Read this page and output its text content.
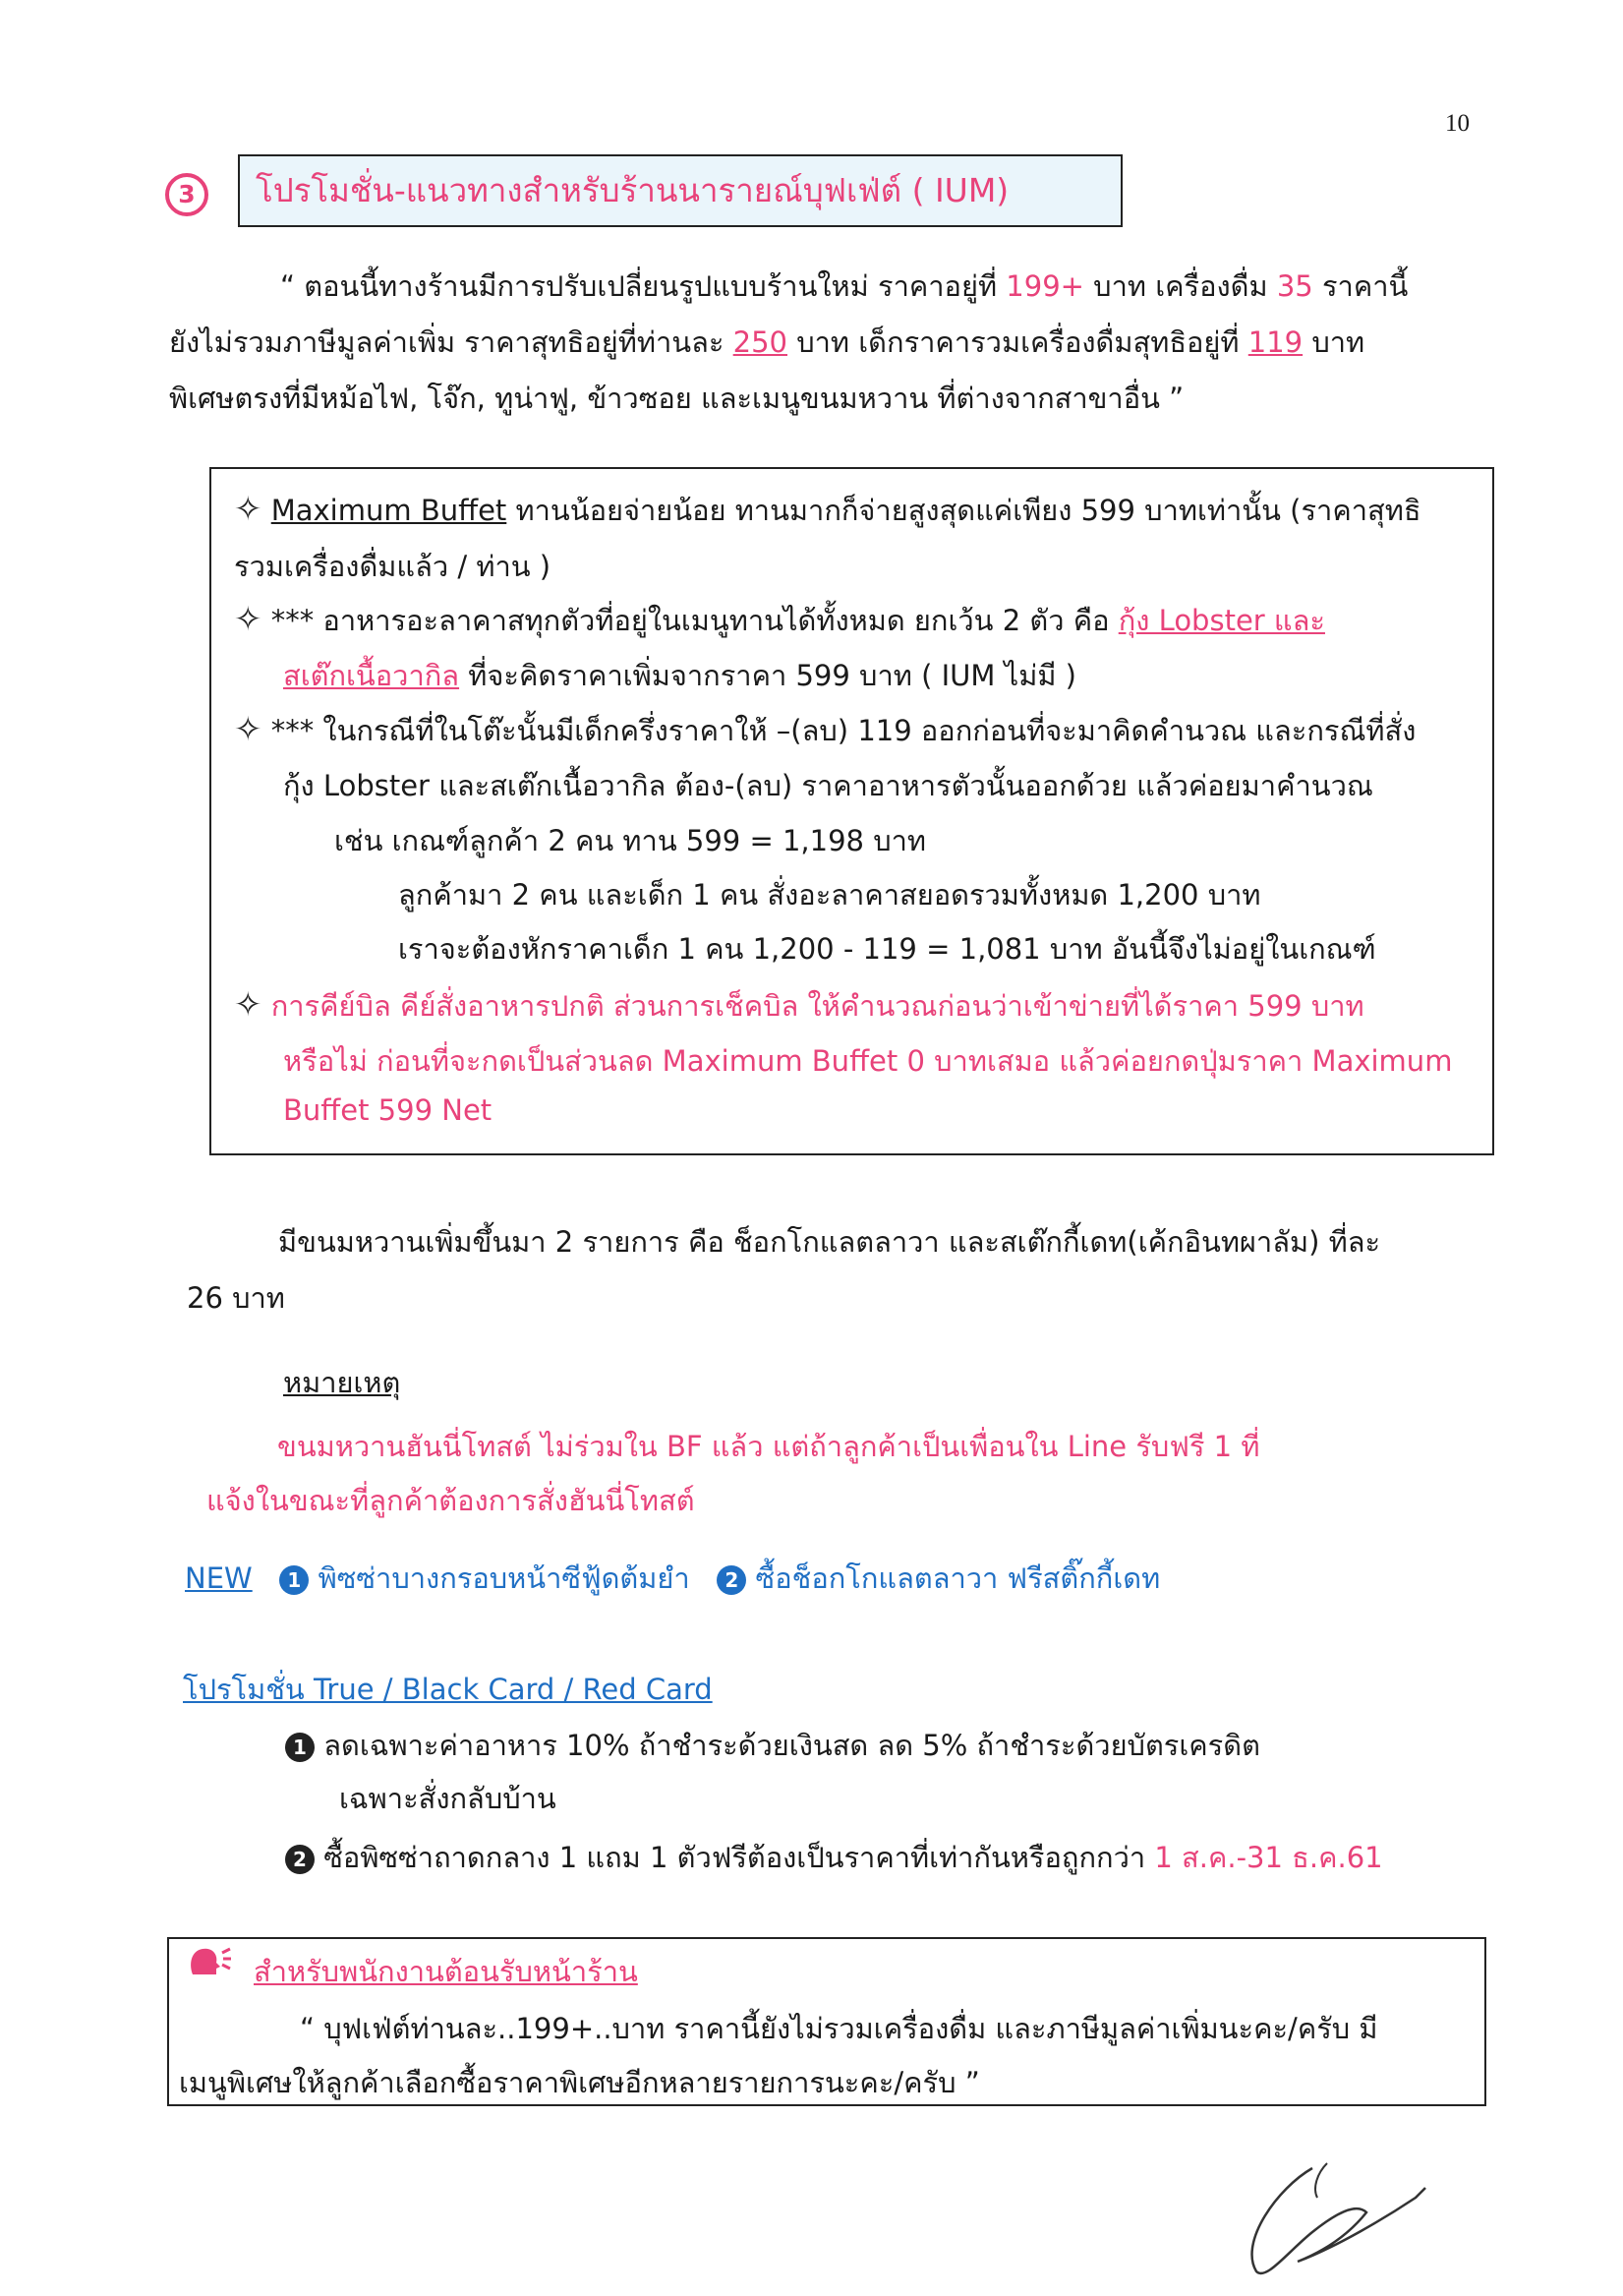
10
3	โปรโมชั่น-แนวทางสำหรับร้านนารายณ์บุฟเฟ่ต์ ( IUM)
“ ตอนนี้ทางร้านมีการปรับเปลี่ยนรูปแบบร้านใหม่ ราคาอยู่ที่ 199+ บาท เครื่องดื่ม 35 ราคานี้
ยังไม่รวมภาษีมูลค่าเพิ่ม ราคาสุทธิอยู่ที่ท่านละ 250 บาท เด็กราคารวมเครื่องดื่มสุทธิอยู่ที่ 119 บาท
พิเศษตรงที่มีหม้อไฟ, โจ๊ก, ทูน่าฟู, ข้าวซอย และเมนูขนมหวาน ที่ต่างจากสาขาอื่น ”
✧ Maximum Buffet ทานน้อยจ่ายน้อย ทานมากก็จ่ายสูงสุดแค่เพียง 599 บาทเท่านั้น (ราคาสุทธิ
รวมเครื่องดื่มแล้ว / ท่าน )
✧ *** อาหารอะลาคาสทุกตัวที่อยู่ในเมนูทานได้ทั้งหมด ยกเว้น 2 ตัว คือ กุ้ง Lobster และ
สเต๊กเนื้อวากิล ที่จะคิดราคาเพิ่มจากราคา 599 บาท ( IUM ไม่มี )
✧ *** ในกรณีที่ในโต๊ะนั้นมีเด็กครึ่งราคาให้ –(ลบ) 119 ออกก่อนที่จะมาคิดคำนวณ และกรณีที่สั่ง
กุ้ง Lobster และสเต๊กเนื้อวากิล ต้อง-(ลบ) ราคาอาหารตัวนั้นออกด้วย แล้วค่อยมาคำนวณ
เช่น เกณฑ์ลูกค้า 2 คน ทาน 599 = 1,198 บาท
ลูกค้ามา 2 คน และเด็ก 1 คน สั่งอะลาคาสยอดรวมทั้งหมด 1,200 บาท
เราจะต้องหักราคาเด็ก 1 คน 1,200 - 119 = 1,081 บาท อันนี้จึงไม่อยู่ในเกณฑ์
✧ การคีย์บิล คีย์สั่งอาหารปกติ ส่วนการเช็คบิล ให้คำนวณก่อนว่าเข้าข่ายที่ได้ราคา 599 บาท
หรือไม่ ก่อนที่จะกดเป็นส่วนลด Maximum Buffet 0 บาทเสมอ แล้วค่อยกดปุ่มราคา Maximum
Buffet 599 Net
มีขนมหวานเพิ่มขึ้นมา 2 รายการ คือ ช็อกโกแลตลาวา และสเต๊กกี้เดท(เค้กอินทผาลัม) ที่ละ
26 บาท
หมายเหตุ
ขนมหวานฮันนี่โทสต์ ไม่ร่วมใน BF แล้ว แต่ถ้าลูกค้าเป็นเพื่อนใน Line รับฟรี 1 ที่
แจ้งในขณะที่ลูกค้าต้องการสั่งฮันนี่โทสต์
NEW 1 พิซซ่าบางกรอบหน้าซีฟู้ดต้มยำ 2 ซื้อช็อกโกแลตลาวา ฟรีสติ๊กกี้เดท
โปรโมชั่น True / Black Card / Red Card
1 ลดเฉพาะค่าอาหาร 10% ถ้าชำระด้วยเงินสด ลด 5% ถ้าชำระด้วยบัตรเครดิต
เฉพาะสั่งกลับบ้าน
2 ซื้อพิซซ่าถาดกลาง 1 แถม 1 ตัวฟรีต้องเป็นราคาที่เท่ากันหรือถูกกว่า 1 ส.ค.-31 ธ.ค.61
สำหรับพนักงานต้อนรับหน้าร้าน
“ บุฟเฟ่ต์ท่านละ..199+..บาท ราคานี้ยังไม่รวมเครื่องดื่ม และภาษีมูลค่าเพิ่มนะคะ/ครับ มี
เมนูพิเศษให้ลูกค้าเลือกซื้อราคาพิเศษอีกหลายรายการนะคะ/ครับ ”
